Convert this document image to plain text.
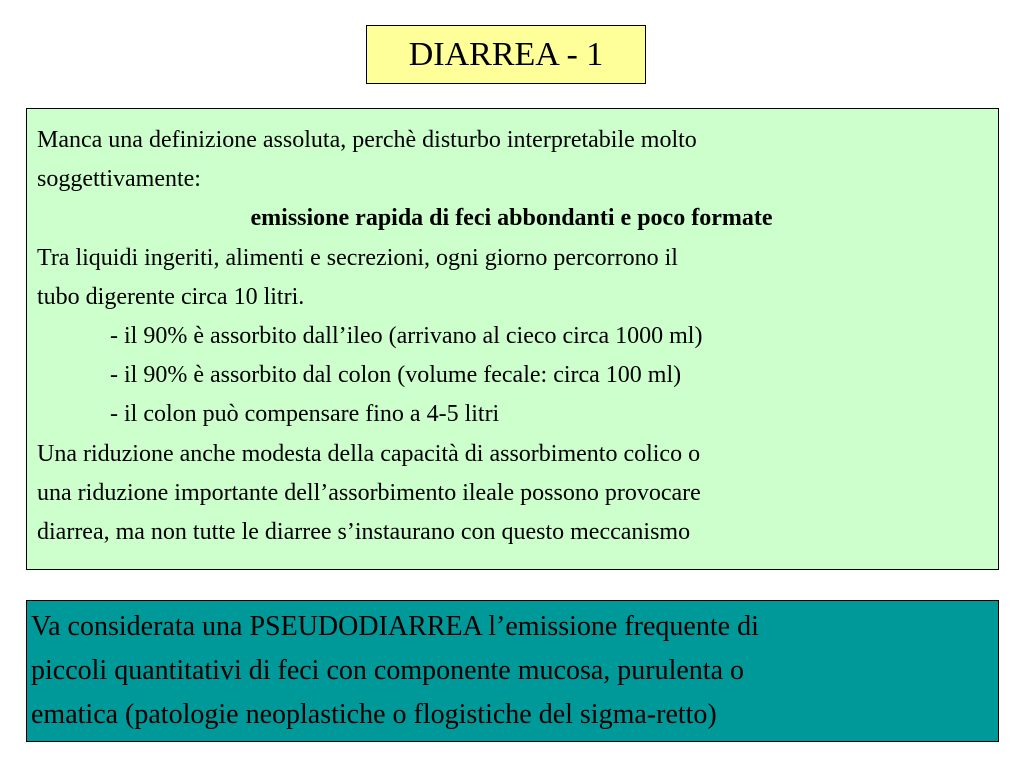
DIARREA - 1
Manca una definizione assoluta, perchè disturbo interpretabile molto
soggettivamente:
emissione rapida di feci abbondanti e poco formate
Tra liquidi ingeriti, alimenti e secrezioni, ogni giorno percorrono il
tubo digerente circa 10 litri.
- il 90% è assorbito dall’ileo (arrivano al cieco circa 1000 ml)
- il 90% è assorbito dal colon (volume fecale: circa 100 ml)
- il colon può compensare fino a 4-5 litri
Una riduzione anche modesta della capacità di assorbimento colico o
una riduzione importante dell’assorbimento ileale possono provocare
diarrea, ma non tutte le diarree s’instaurano con questo meccanismo
Va considerata una PSEUDODIARREA l’emissione frequente di
piccoli quantitativi di feci con componente mucosa, purulenta o
ematica (patologie neoplastiche o flogistiche del sigma-retto)
